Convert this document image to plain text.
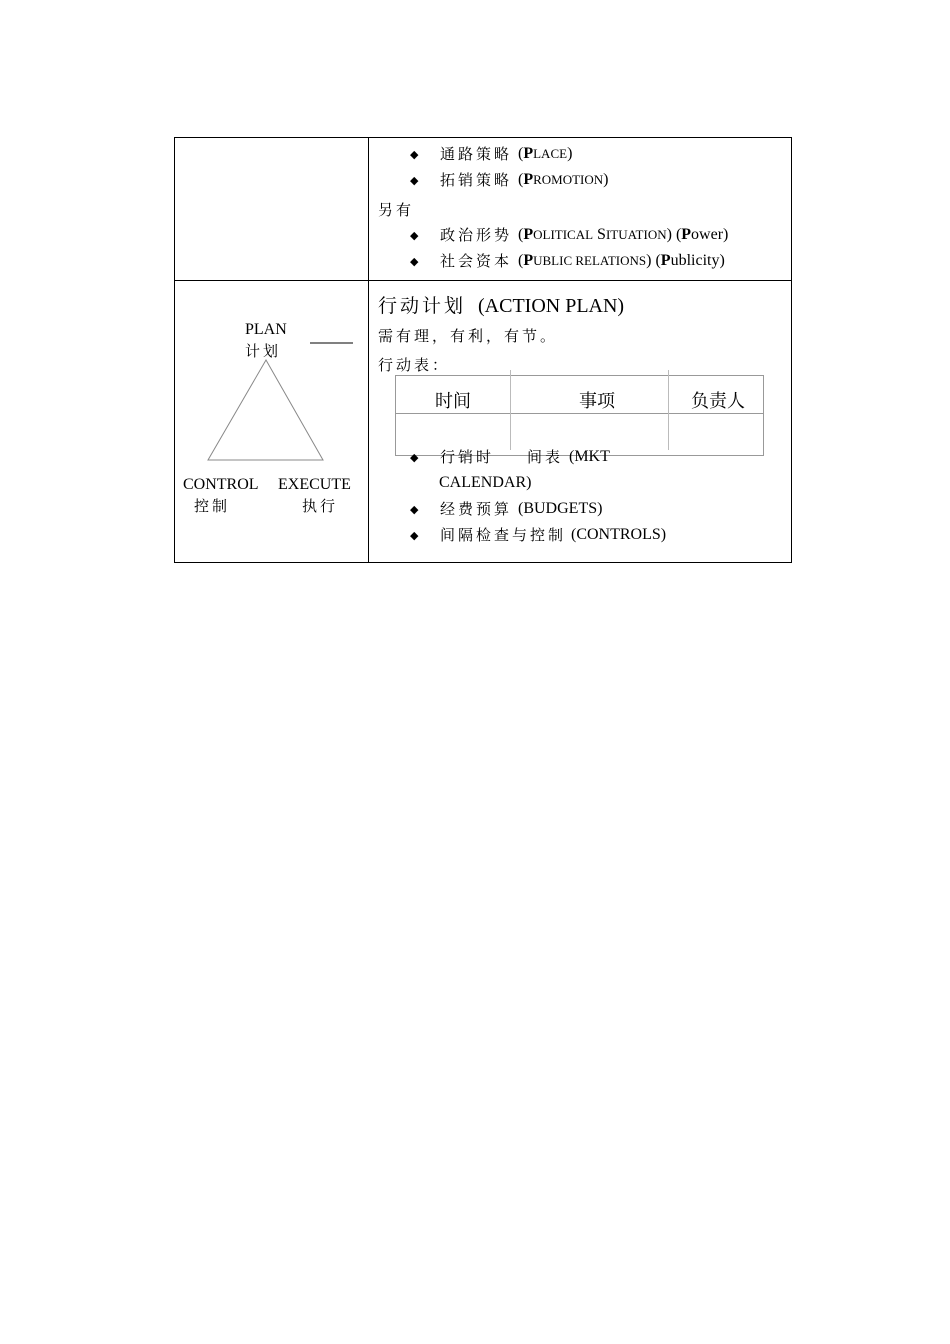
◆ 通路策略 (PLACE)
◆ 拓销策略 (PROMOTION)
另有
◆ 政治形势 (POLITICAL SITUATION) (Power)
◆ 社会资本 (PUBLIC RELATIONS) (Publicity)
PLAN
计划
CONTROL
控制
EXECUTE
执行
行动计划 (ACTION PLAN)
需有理，有利，有节。
行动表：
时间	事项	负责人
◆ 行销时 间表 (MKT
CALENDAR)
◆ 经费预算 (BUDGETS)
◆ 间隔检查与控制 (CONTROLS)
